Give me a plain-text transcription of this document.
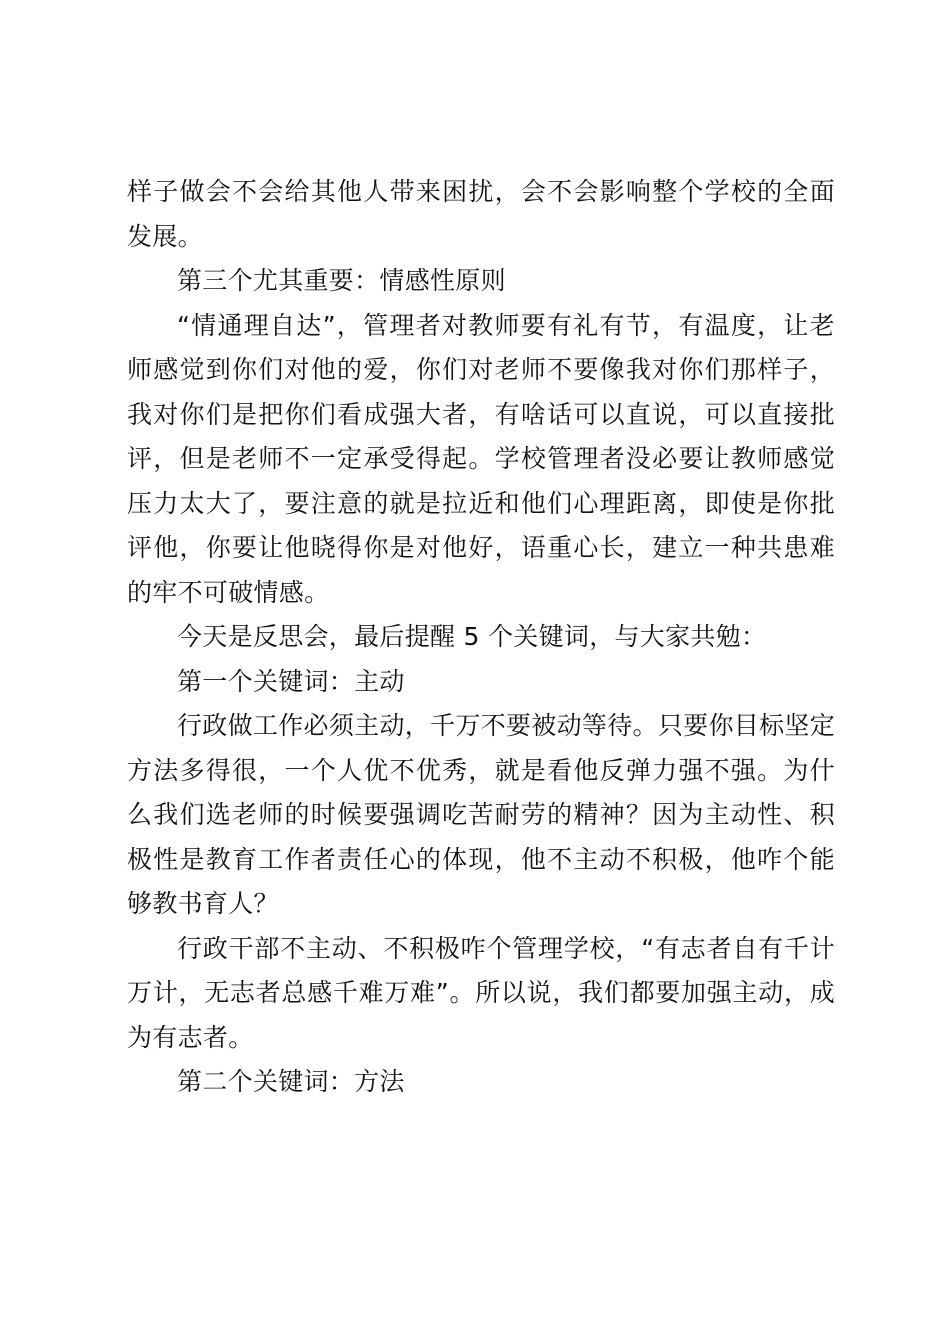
样子做会不会给其他人带来困扰，会不会影响整个学校的全面发展。

第三个尤其重要：情感性原则

“情通理自达”，管理者对教师要有礼有节，有温度，让老师感觉到你们对他的爱，你们对老师不要像我对你们那样子，我对你们是把你们看成强大者，有啥话可以直说，可以直接批评，但是老师不一定承受得起。学校管理者没必要让教师感觉压力太大了，要注意的就是拉近和他们心理距离，即使是你批评他，你要让他晓得你是对他好，语重心长，建立一种共患难的牢不可破情感。

今天是反思会，最后提醒 5 个关键词，与大家共勉：

第一个关键词：主动

行政做工作必须主动，千万不要被动等待。只要你目标坚定方法多得很，一个人优不优秀，就是看他反弹力强不强。为什么我们选老师的时候要强调吃苦耐劳的精神？因为主动性、积极性是教育工作者责任心的体现，他不主动不积极，他咋个能够教书育人？

行政干部不主动、不积极咋个管理学校，“有志者自有千计万计，无志者总感千难万难”。所以说，我们都要加强主动，成为有志者。

第二个关键词：方法
